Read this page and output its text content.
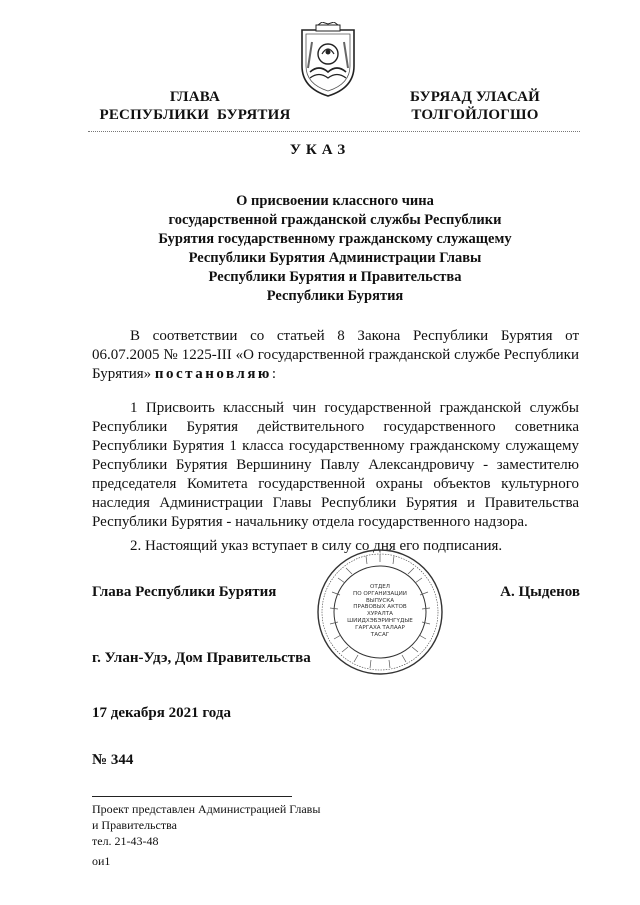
ГЛАВА
РЕСПУБЛИКИ  БУРЯТИЯ
БУРЯАД УЛАСАЙ
ТОЛГОЙЛОГШО
УКАЗ
О присвоении классного чина
государственной гражданской службы Республики
Бурятия государственному гражданскому служащему
Республики Бурятия Администрации Главы
Республики Бурятия и Правительства
Республики Бурятия
В соответствии со статьей 8 Закона Республики Бурятия от 06.07.2005 № 1225-III «О государственной гражданской службе Республики Бурятия» постановляю:
1 Присвоить классный чин государственной гражданской службы Республики Бурятия действительного государственного советника Республики Бурятия 1 класса государственному гражданскому служащему Республики Бурятия Вершинину Павлу Александровичу - заместителю председателя Комитета государственной охраны объектов культурного наследия Администрации Главы Республики Бурятия и Правительства Республики Бурятия - начальнику отдела государственного надзора.
2. Настоящий указ вступает в силу со дня его подписания.
Глава Республики Бурятия	А. Цыденов
ОТДЕЛ
ПО ОРГАНИЗАЦИИ
ВЫПУСКА
ПРАВОВЫХ АКТОВ
ХУРАЛТА
ШИИДХЭБЭРИНГҮДЫЕ
ГАРГАХА ТАЛААР
ТАСАГ
г. Улан-Удэ, Дом Правительства
17 декабря 2021 года
№ 344
Проект представлен Администрацией Главы
и Правительства
тел. 21-43-48
ои1
